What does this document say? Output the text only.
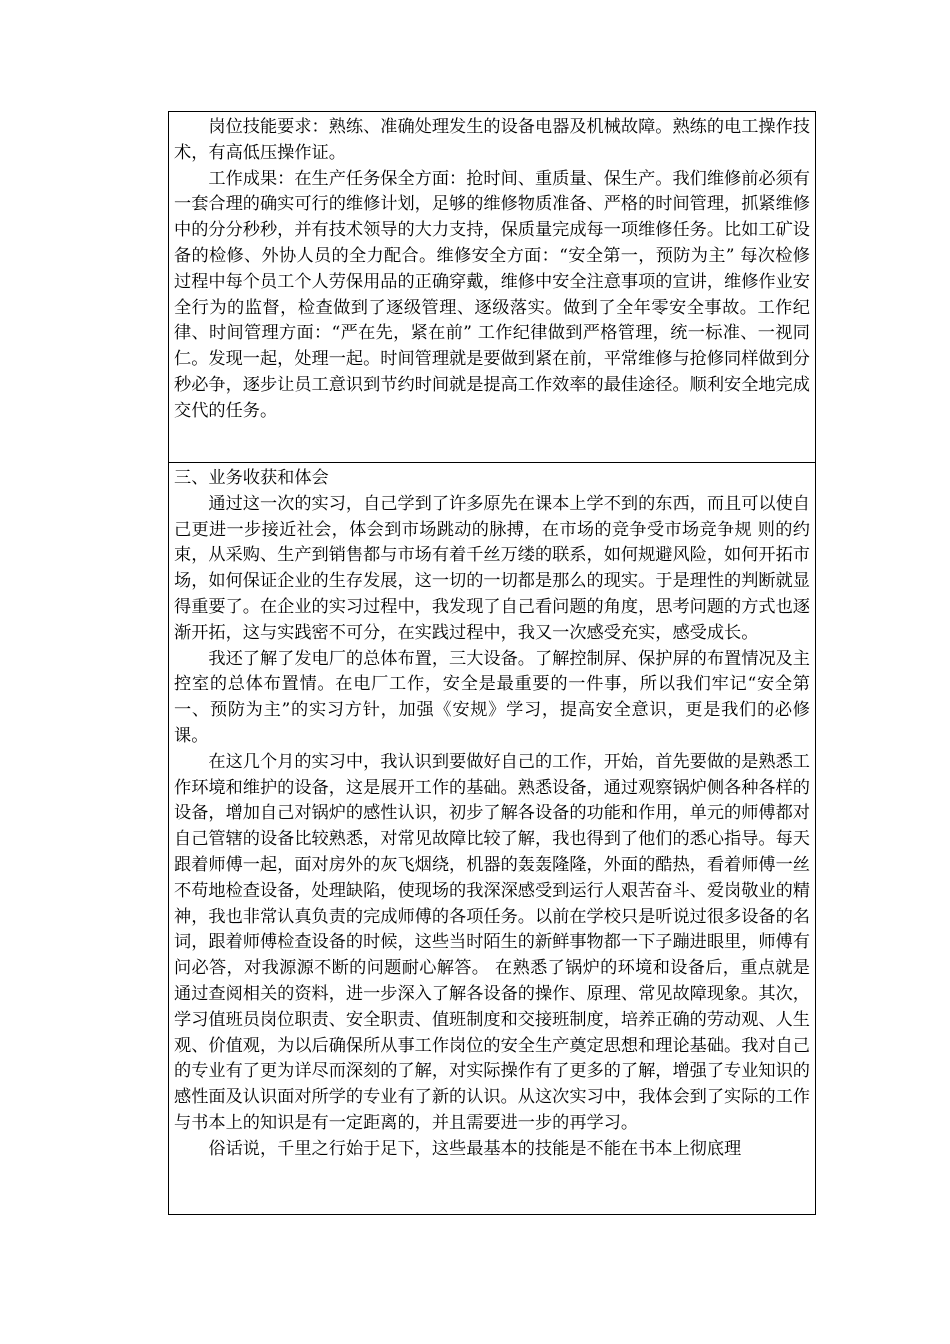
岗位技能要求：熟练、准确处理发生的设备电器及机械故障。熟练的电工操作技术，有高低压操作证。

工作成果：在生产任务保全方面：抢时间、重质量、保生产。我们维修前必须有一套合理的确实可行的维修计划，足够的维修物质准备、严格的时间管理，抓紧维修中的分分秒秒，并有技术领导的大力支持，保质量完成每一项维修任务。比如工矿设备的检修、外协人员的全力配合。维修安全方面：“安全第一，预防为主” 每次检修过程中每个员工个人劳保用品的正确穿戴，维修中安全注意事项的宣讲，维修作业安全行为的监督，检查做到了逐级管理、逐级落实。做到了全年零安全事故。工作纪律、时间管理方面：“严在先，紧在前” 工作纪律做到严格管理，统一标准、一视同仁。发现一起，处理一起。时间管理就是要做到紧在前，平常维修与抢修同样做到分秒必争，逐步让员工意识到节约时间就是提高工作效率的最佳途径。顺利安全地完成交代的任务。

三、业务收获和体会

通过这一次的实习，自己学到了许多原先在课本上学不到的东西，而且可以使自己更进一步接近社会，体会到市场跳动的脉搏，在市场的竞争受市场竞争规 则的约束，从采购、生产到销售都与市场有着千丝万缕的联系，如何规避风险，如何开拓市场，如何保证企业的生存发展，这一切的一切都是那么的现实。于是理性的判断就显得重要了。在企业的实习过程中，我发现了自己看问题的角度，思考问题的方式也逐渐开拓，这与实践密不可分，在实践过程中，我又一次感受充实，感受成长。

我还了解了发电厂的总体布置，三大设备。了解控制屏、保护屏的布置情况及主控室的总体布置情。在电厂工作，安全是最重要的一件事，所以我们牢记“安全第一、预防为主”的实习方针，加强《安规》学习，提高安全意识，更是我们的必修课。

在这几个月的实习中，我认识到要做好自己的工作，开始，首先要做的是熟悉工作环境和维护的设备，这是展开工作的基础。熟悉设备，通过观察锅炉侧各种各样的设备，增加自己对锅炉的感性认识，初步了解各设备的功能和作用，单元的师傅都对自己管辖的设备比较熟悉，对常见故障比较了解，我也得到了他们的悉心指导。每天跟着师傅一起，面对房外的灰飞烟绕，机器的轰轰隆隆，外面的酷热，看着师傅一丝不苟地检查设备，处理缺陷，使现场的我深深感受到运行人艰苦奋斗、爱岗敬业的精神，我也非常认真负责的完成师傅的各项任务。以前在学校只是听说过很多设备的名词，跟着师傅检查设备的时候，这些当时陌生的新鲜事物都一下子蹦进眼里，师傅有问必答，对我源源不断的问题耐心解答。 在熟悉了锅炉的环境和设备后，重点就是通过查阅相关的资料，进一步深入了解各设备的操作、原理、常见故障现象。其次，学习值班员岗位职责、安全职责、值班制度和交接班制度，培养正确的劳动观、人生观、价值观，为以后确保所从事工作岗位的安全生产奠定思想和理论基础。我对自己的专业有了更为详尽而深刻的了解，对实际操作有了更多的了解，增强了专业知识的感性面及认识面对所学的专业有了新的认识。从这次实习中，我体会到了实际的工作与书本上的知识是有一定距离的，并且需要进一步的再学习。

俗话说，千里之行始于足下，这些最基本的技能是不能在书本上彻底理
